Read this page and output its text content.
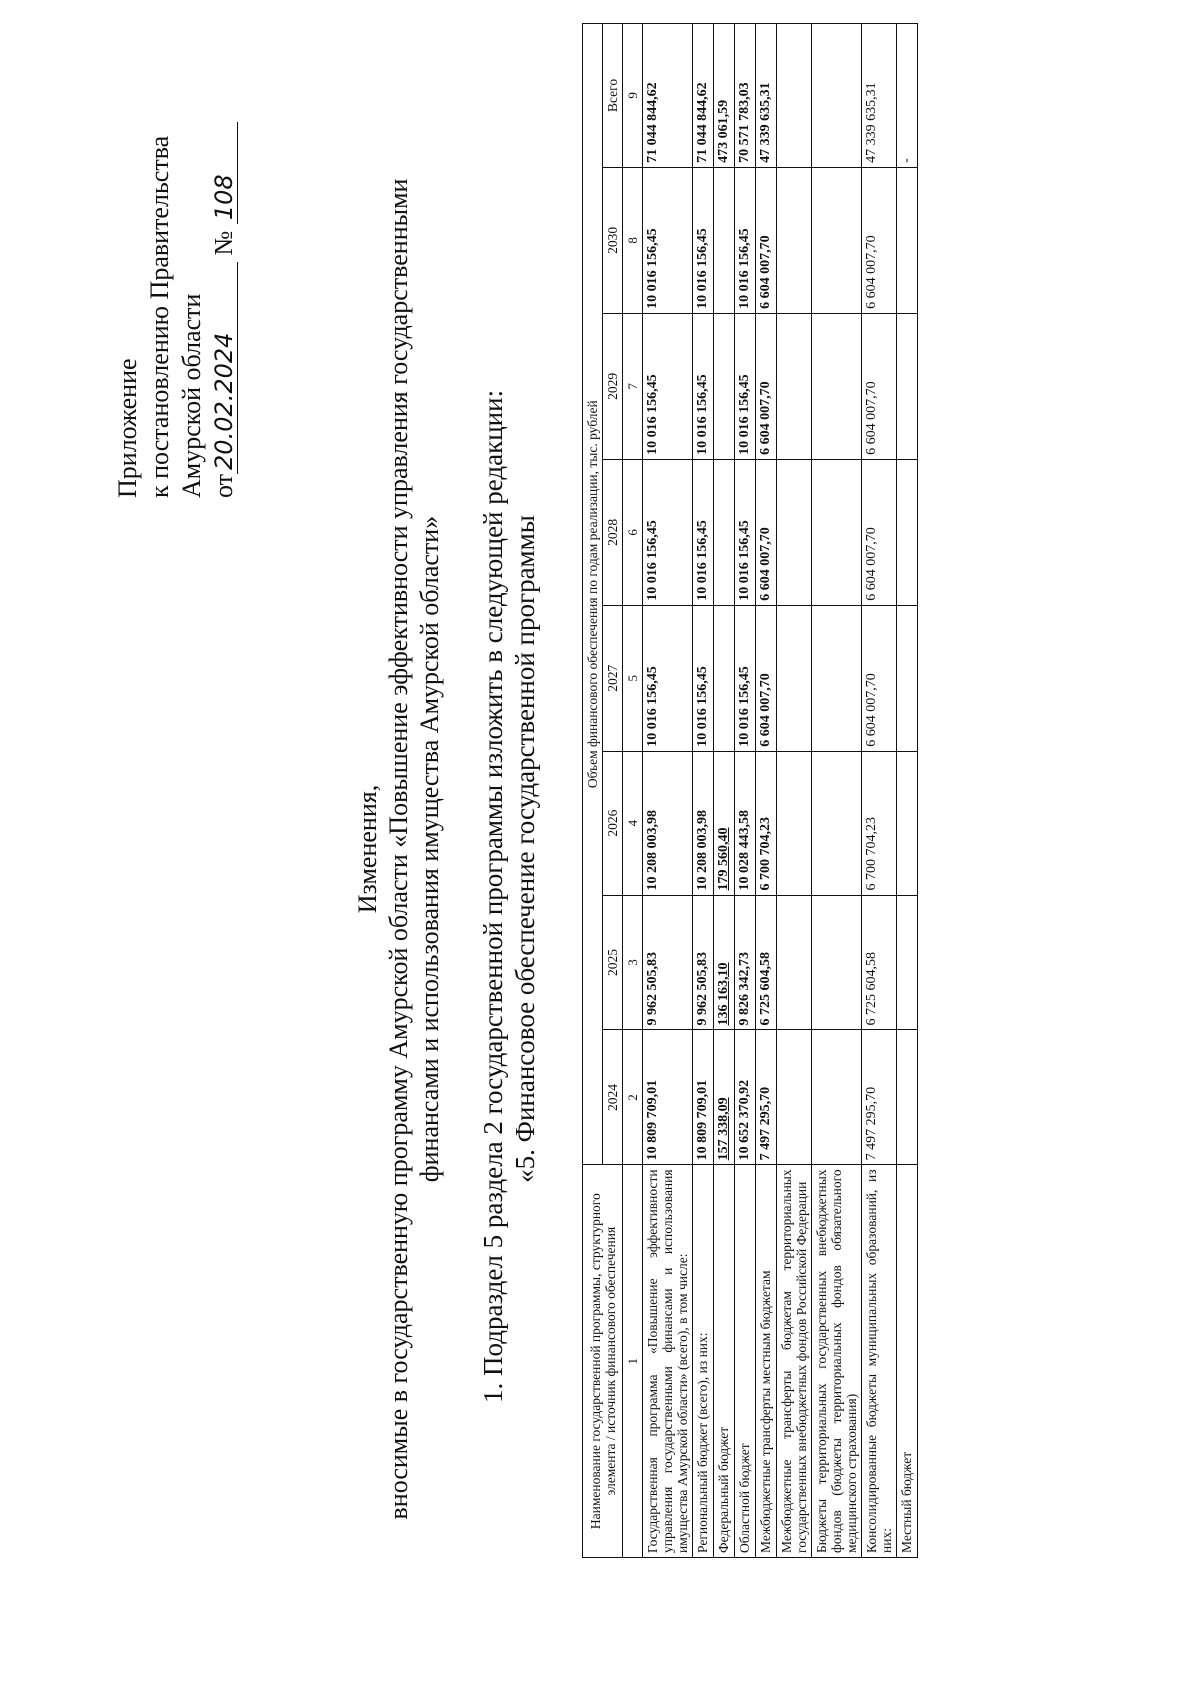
Приложение к постановлению Правительства Амурской области от20.02.2024 № 108
Изменения, вносимые в государственную программу Амурской области «Повышение эффективности управления государственными финансами и использования имущества Амурской области» 1. Подраздел 5 раздела 2 государственной программы изложить в следующей редакции: «5. Финансовое обеспечение государственной программы
Наименование государственной программы, структурного элемента / источник финансового обеспечения	Объем финансового обеспечения по годам реализации, тыс. рублей							
	2024	2025	2026	2027	2028	2029	2030	Всего
1	2	3	4	5	6	7	8	9
Государственная программа «Повышение эффективности управления государственными финансами и использования имущества Амурской области» (всего), в том числе:	10 809 709,01	9 962 505,83	10 208 003,98	10 016 156,45	10 016 156,45	10 016 156,45	10 016 156,45	71 044 844,62
Региональный бюджет (всего), из них:	10 809 709,01	9 962 505,83	10 208 003,98	10 016 156,45	10 016 156,45	10 016 156,45	10 016 156,45	71 044 844,62
Федеральный бюджет	157 338,09	136 163,10	179 560,40					473 061,59
Областной бюджет	10 652 370,92	9 826 342,73	10 028 443,58	10 016 156,45	10 016 156,45	10 016 156,45	10 016 156,45	70 571 783,03
Межбюджетные трансферты местным бюджетам	7 497 295,70	6 725 604,58	6 700 704,23	6 604 007,70	6 604 007,70	6 604 007,70	6 604 007,70	47 339 635,31
Межбюджетные трансферты бюджетам территориальных государственных внебюджетных фондов Российской Федерации								
Бюджеты территориальных государственных внебюджетных фондов (бюджеты территориальных фондов обязательного медицинского страхования)								
Консолидированные бюджеты муниципальных образований, из них:	7 497 295,70	6 725 604,58	6 700 704,23	6 604 007,70	6 604 007,70	6 604 007,70	6 604 007,70	47 339 635,31
Местный бюджет								-
